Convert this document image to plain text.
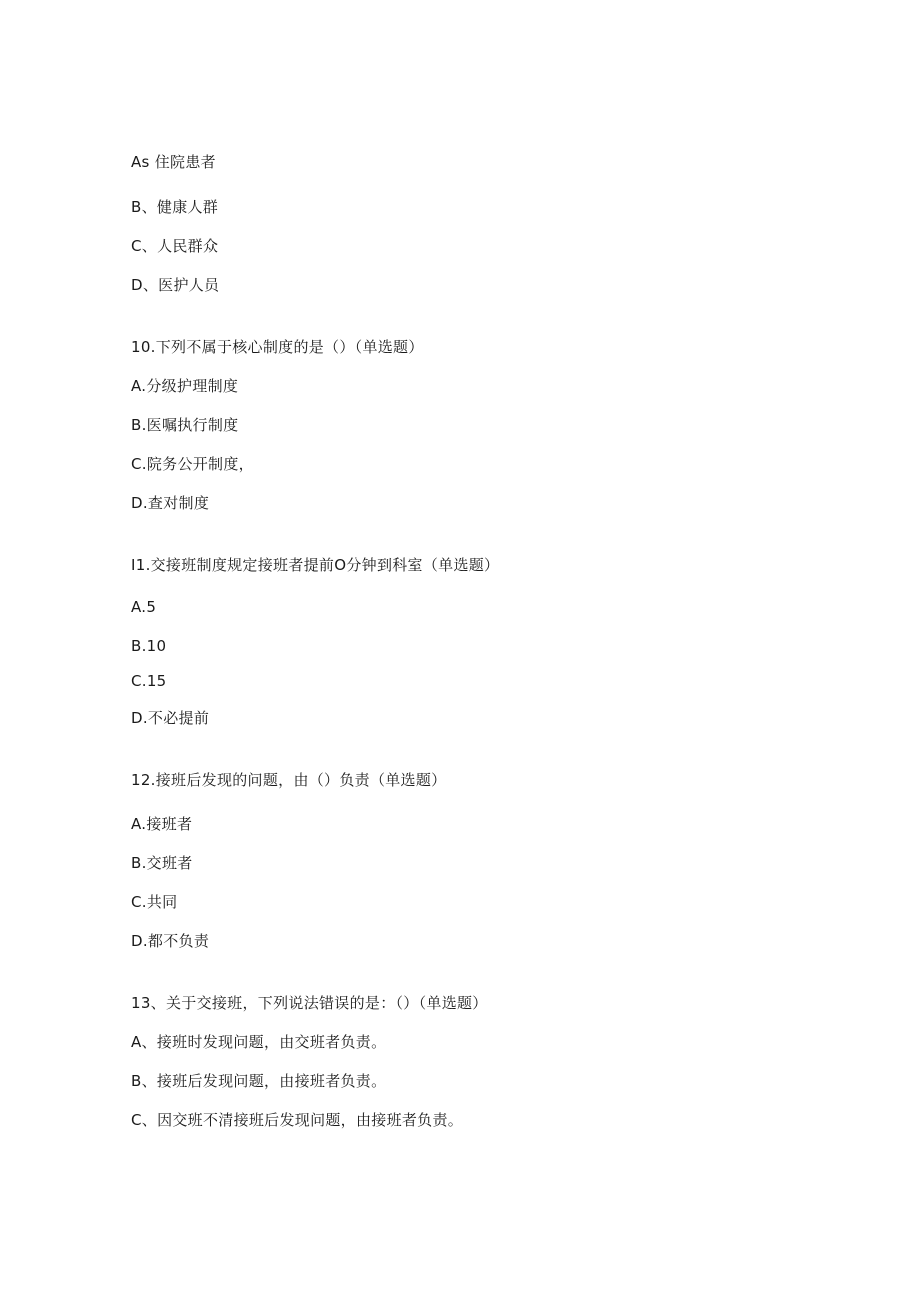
As 住院患者
B、健康人群
C、人民群众
D、医护人员
10.下列不属于核心制度的是（）（单选题）
A.分级护理制度
B.医嘱执行制度
C.院务公开制度，
D.查对制度
I1.交接班制度规定接班者提前O分钟到科室（单选题）
A.5
B.10
C.15
D.不必提前
12.接班后发现的问题，由（）负责（单选题）
A.接班者
B.交班者
C.共同
D.都不负责
13、关于交接班，下列说法错误的是：（）（单选题）
A、接班时发现问题，由交班者负责。
B、接班后发现问题，由接班者负责。
C、因交班不清接班后发现问题，由接班者负责。
